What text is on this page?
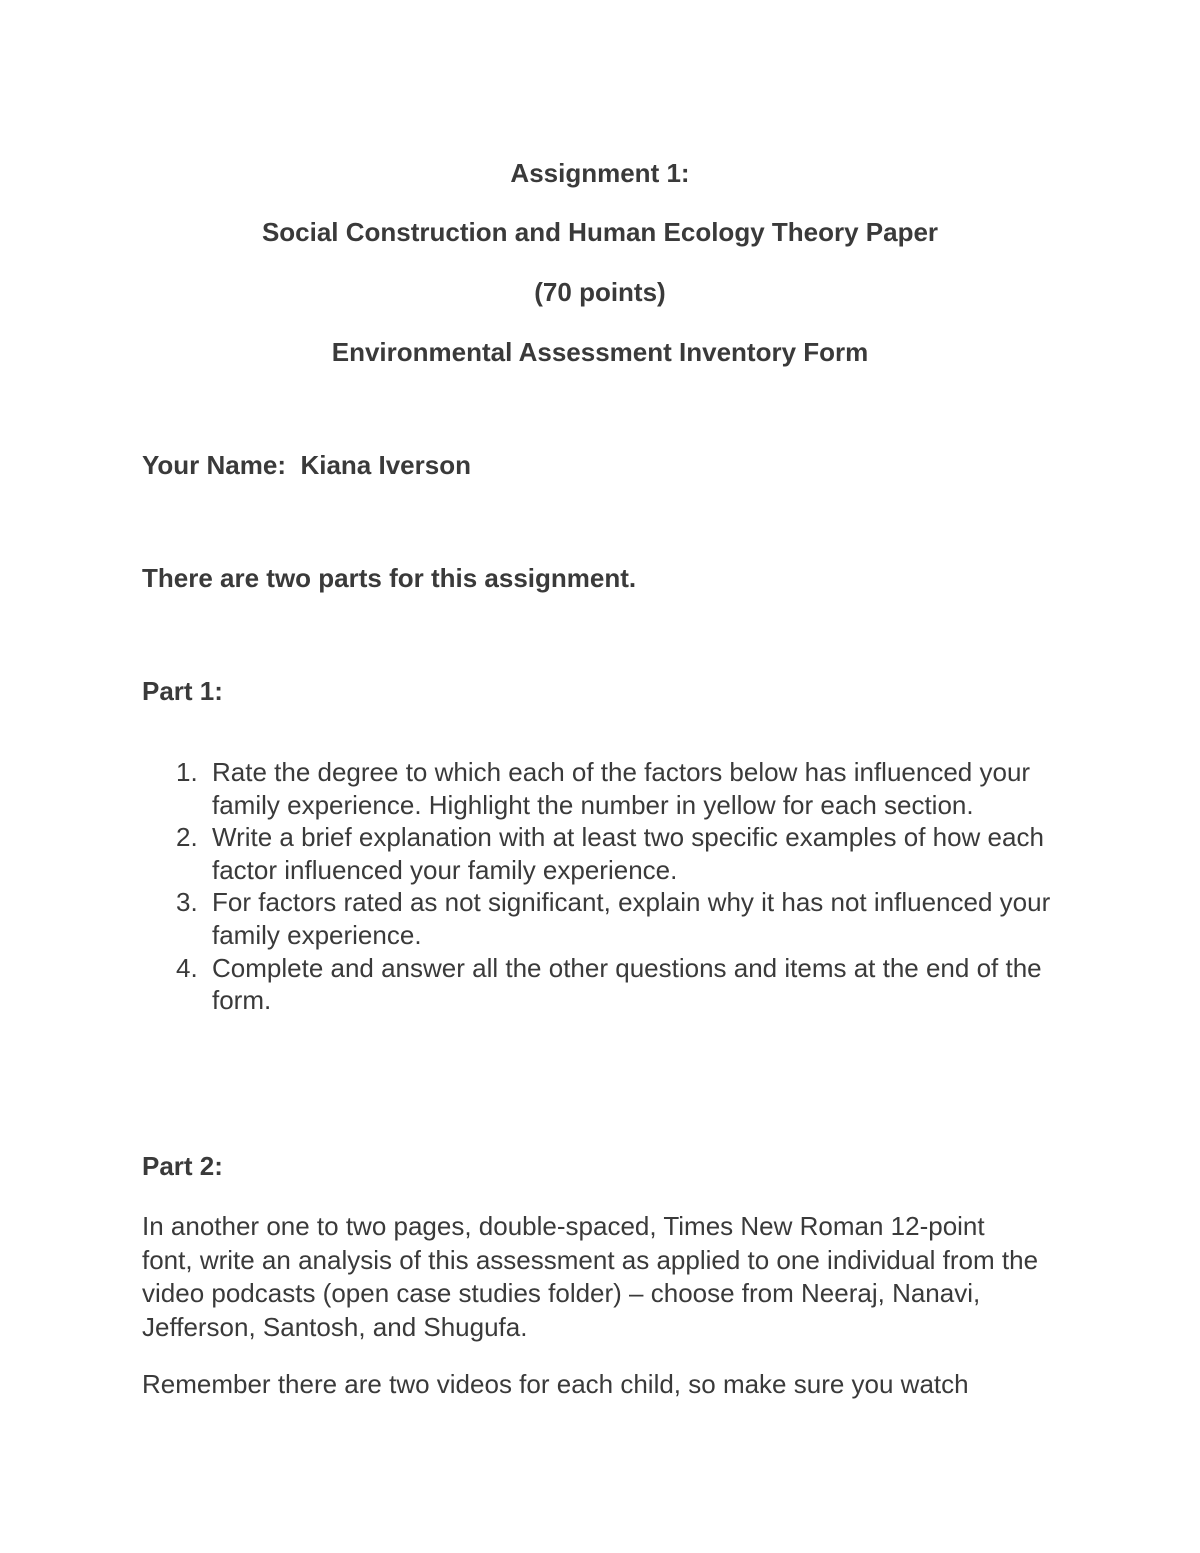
Assignment 1:
Social Construction and Human Ecology Theory Paper
(70 points)
Environmental Assessment Inventory Form
Your Name: Kiana Iverson
There are two parts for this assignment.
Part 1:
1. Rate the degree to which each of the factors below has influenced your family experience. Highlight the number in yellow for each section.
2. Write a brief explanation with at least two specific examples of how each factor influenced your family experience.
3. For factors rated as not significant, explain why it has not influenced your family experience.
4. Complete and answer all the other questions and items at the end of the form.
Part 2:
In another one to two pages, double-spaced, Times New Roman 12-point font, write an analysis of this assessment as applied to one individual from the video podcasts (open case studies folder) – choose from Neeraj, Nanavi, Jefferson, Santosh, and Shugufa.
Remember there are two videos for each child, so make sure you watch
